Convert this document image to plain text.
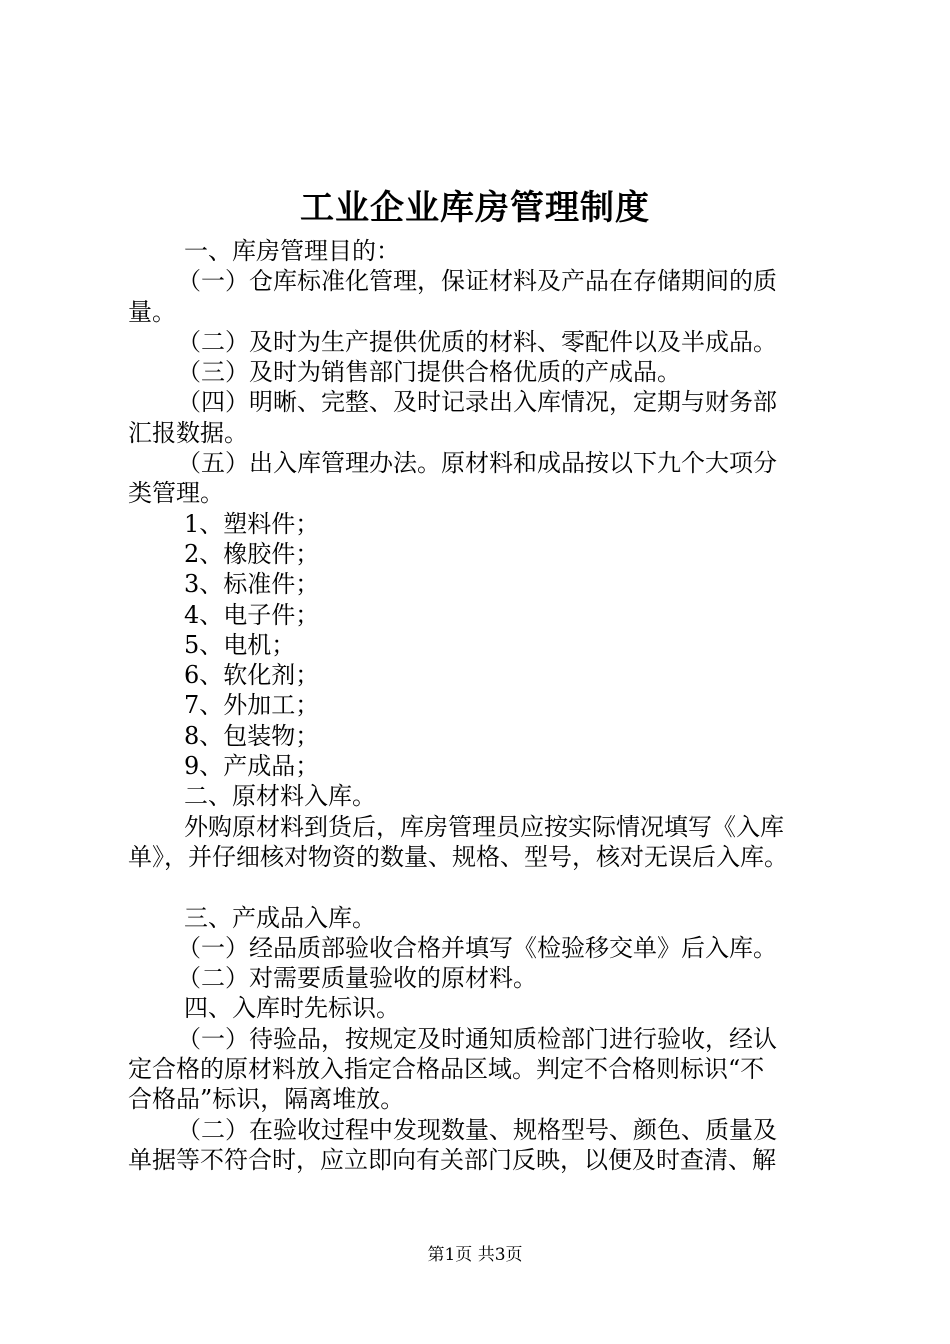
工业企业库房管理制度
一、库房管理目的：
（一）仓库标准化管理，保证材料及产品在存储期间的质
量。
（二）及时为生产提供优质的材料、零配件以及半成品。
（三）及时为销售部门提供合格优质的产成品。
（四）明晰、完整、及时记录出入库情况，定期与财务部
汇报数据。
（五）出入库管理办法。原材料和成品按以下九个大项分
类管理。
1、塑料件；
2、橡胶件；
3、标准件；
4、电子件；
5、电机；
6、软化剂；
7、外加工；
8、包装物；
9、产成品；
二、原材料入库。
外购原材料到货后，库房管理员应按实际情况填写《入库
单》，并仔细核对物资的数量、规格、型号，核对无误后入库。
三、产成品入库。
（一）经品质部验收合格并填写《检验移交单》后入库。
（二）对需要质量验收的原材料。
四、入库时先标识。
（一）待验品，按规定及时通知质检部门进行验收，经认
定合格的原材料放入指定合格品区域。判定不合格则标识“不
合格品”标识，隔离堆放。
（二）在验收过程中发现数量、规格型号、颜色、质量及
单据等不符合时，应立即向有关部门反映，以便及时查清、解
第1页 共3页
